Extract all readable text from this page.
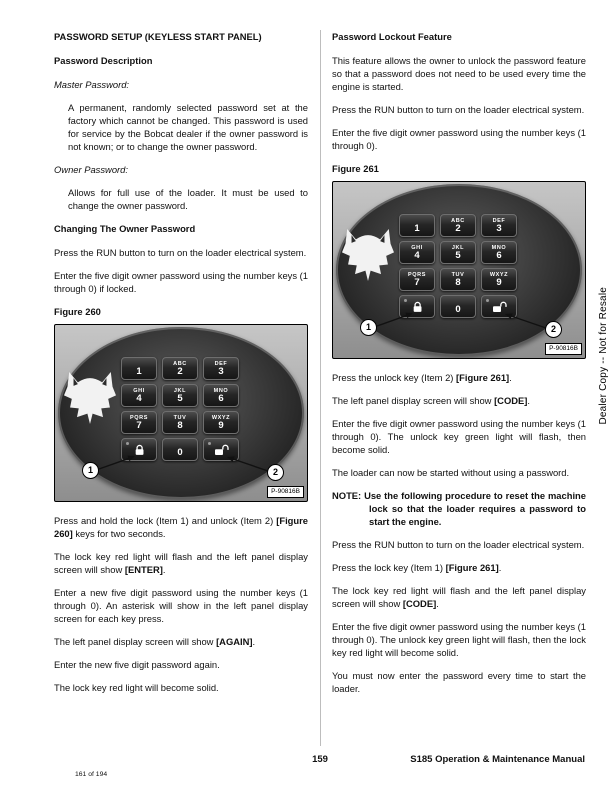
PASSWORD SETUP (KEYLESS START PANEL)
Password Description

Master Password:

A permanent, randomly selected password set at the factory which cannot be changed. This password is used for service by the Bobcat dealer if the owner password is not known; or to change the owner password.

Owner Password:

Allows for full use of the loader. It must be used to change the owner password.

Changing The Owner Password

Press the RUN button to turn on the loader electrical system.

Enter the five digit owner password using the number keys (1 through 0) if locked.

Figure 260

1
ABC
2
DEF
3
GHI
4
JKL
5
MNO
6
PQRS
7
TUV
8
WXYZ
9
0
1	2
P-90816B

Press and hold the lock (Item 1) and unlock (Item 2) [Figure 260] keys for two seconds.

The lock key red light will flash and the left panel display screen will show [ENTER].

Enter a new five digit password using the number keys (1 through 0). An asterisk will show in the left panel display screen for each key press.

The left panel display screen will show [AGAIN].

Enter the new five digit password again.

The lock key red light will become solid.

Password Lockout Feature

This feature allows the owner to unlock the password feature so that a password does not need to be used every time the engine is started.

Press the RUN button to turn on the loader electrical system.

Enter the five digit owner password using the number keys (1 through 0).

Figure 261

1
ABC
2
DEF
3
GHI
4
JKL
5
MNO
6
PQRS
7
TUV
8
WXYZ
9
0
1	2
P-90816B

Press the unlock key (Item 2) [Figure 261].

The left panel display screen will show [CODE].

Enter the five digit owner password using the number keys (1 through 0). The unlock key green light will flash, then become solid.

The loader can now be started without using a password.

NOTE: Use the following procedure to reset the machine lock so that the loader requires a password to start the engine.

Press the RUN button to turn on the loader electrical system.

Press the lock key (Item 1) [Figure 261].

The lock key red light will flash and the left panel display screen will show [CODE].

Enter the five digit owner password using the number keys (1 through 0). The unlock key green light will flash, then the lock key red light will become solid.

You must now enter the password every time to start the loader.

Dealer Copy -- Not for Resale
159	S185 Operation & Maintenance Manual
161 of 194
